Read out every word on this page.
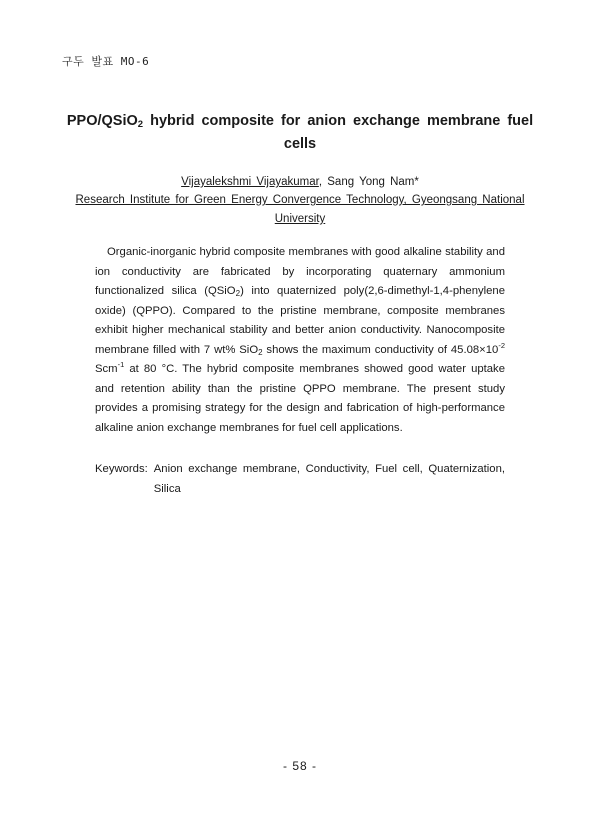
구두 발표 MO-6
PPO/QSiO$_2$ hybrid composite for anion exchange membrane fuel cells
Vijayalekshmi Vijayakumar, Sang Yong Nam*
Research Institute for Green Energy Convergence Technology, Gyeongsang National University

Organic-inorganic hybrid composite membranes with good alkaline stability and ion conductivity are fabricated by incorporating quaternary ammonium functionalized silica (QSiO$_2$) into quaternized poly(2,6-dimethyl-1,4-phenylene oxide) (QPPO). Compared to the pristine membrane, composite membranes exhibit higher mechanical stability and better anion conductivity. Nanocomposite membrane filled with 7 wt% SiO$_2$ shows the maximum conductivity of $45.08\times 10^{-2}$ Scm$^{-1}$ at 80 °C. The hybrid composite membranes showed good water uptake and retention ability than the pristine QPPO membrane. The present study provides a promising strategy for the design and fabrication of high-performance alkaline anion exchange membranes for fuel cell applications.

Keywords: Anion exchange membrane, Conductivity, Fuel cell, Quaternization, Silica
- 58 -
